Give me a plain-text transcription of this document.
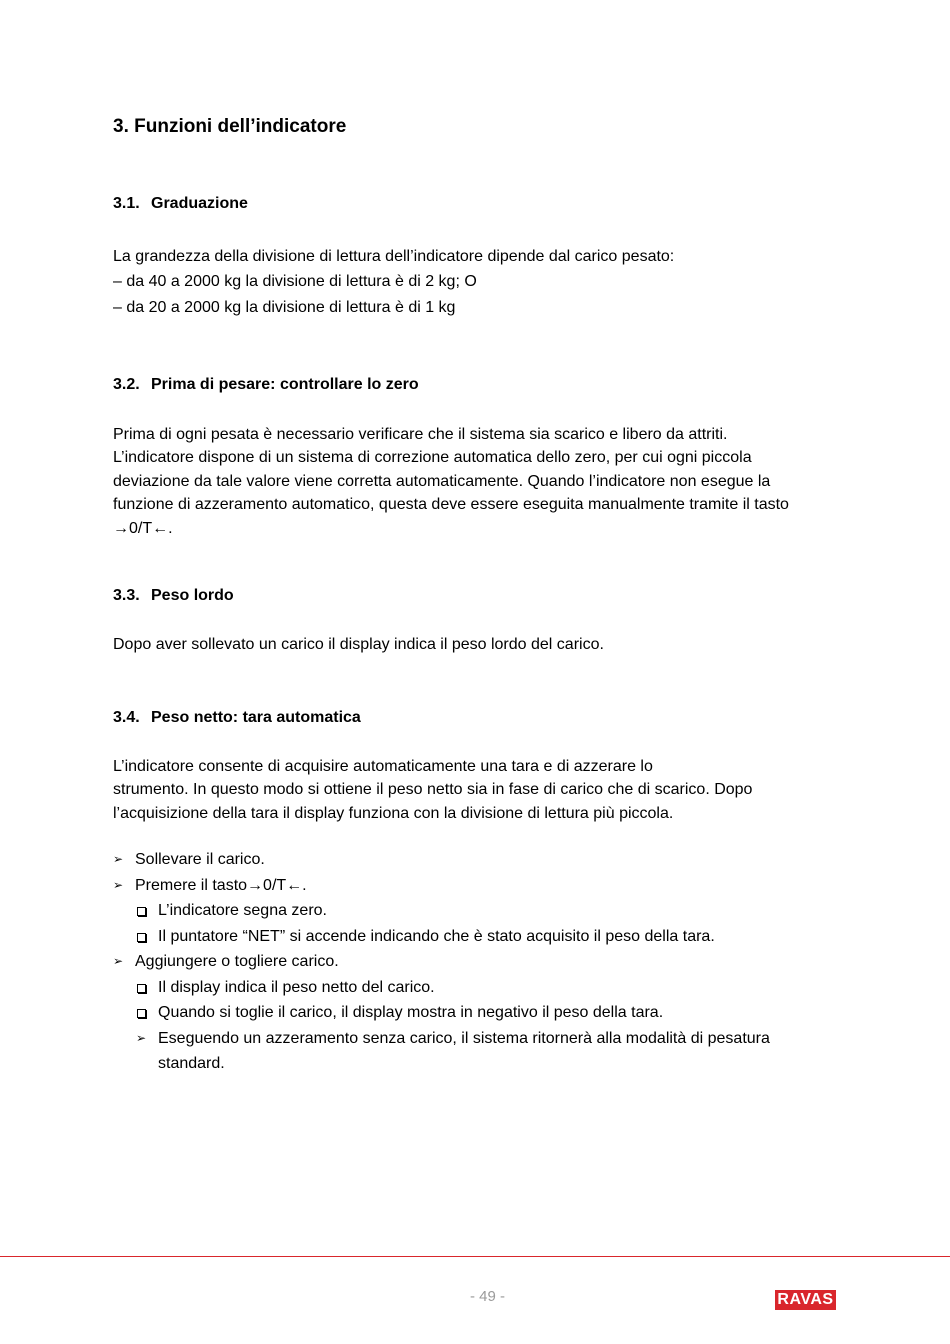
3. Funzioni dell’indicatore
3.1. Graduazione

La grandezza della divisione di lettura dell’indicatore dipende dal carico pesato:

– da 40 a 2000 kg la divisione di lettura è di 2 kg; O

– da 20 a 2000 kg la divisione di lettura è di 1 kg

3.2. Prima di pesare: controllare lo zero

Prima di ogni pesata è necessario verificare che il sistema sia scarico e libero da attriti.

L’indicatore dispone di un sistema di correzione automatica dello zero, per cui ogni piccola

deviazione da tale valore viene corretta automaticamente. Quando l’indicatore non esegue la

funzione di azzeramento automatico, questa deve essere eseguita manualmente tramite il tasto

→0/T←.

3.3. Peso lordo

Dopo aver sollevato un carico il display indica il peso lordo del carico.

3.4. Peso netto: tara automatica

L’indicatore consente di acquisire automaticamente una tara e di azzerare lo

strumento. In questo modo si ottiene il peso netto sia in fase di carico che di scarico. Dopo

l’acquisizione della tara il display funziona con la divisione di lettura più piccola.

➢ Sollevare il carico.
➢ Premere il tasto→0/T←.
L’indicatore segna zero.
Il puntatore “NET” si accende indicando che è stato acquisito il peso della tara.
➢ Aggiungere o togliere carico.
Il display indica il peso netto del carico.
Quando si toglie il carico, il display mostra in negativo il peso della tara.
➢ Eseguendo un azzeramento senza carico, il sistema ritornerà alla modalità di pesatura
standard.

- 49 -	RAVAS
